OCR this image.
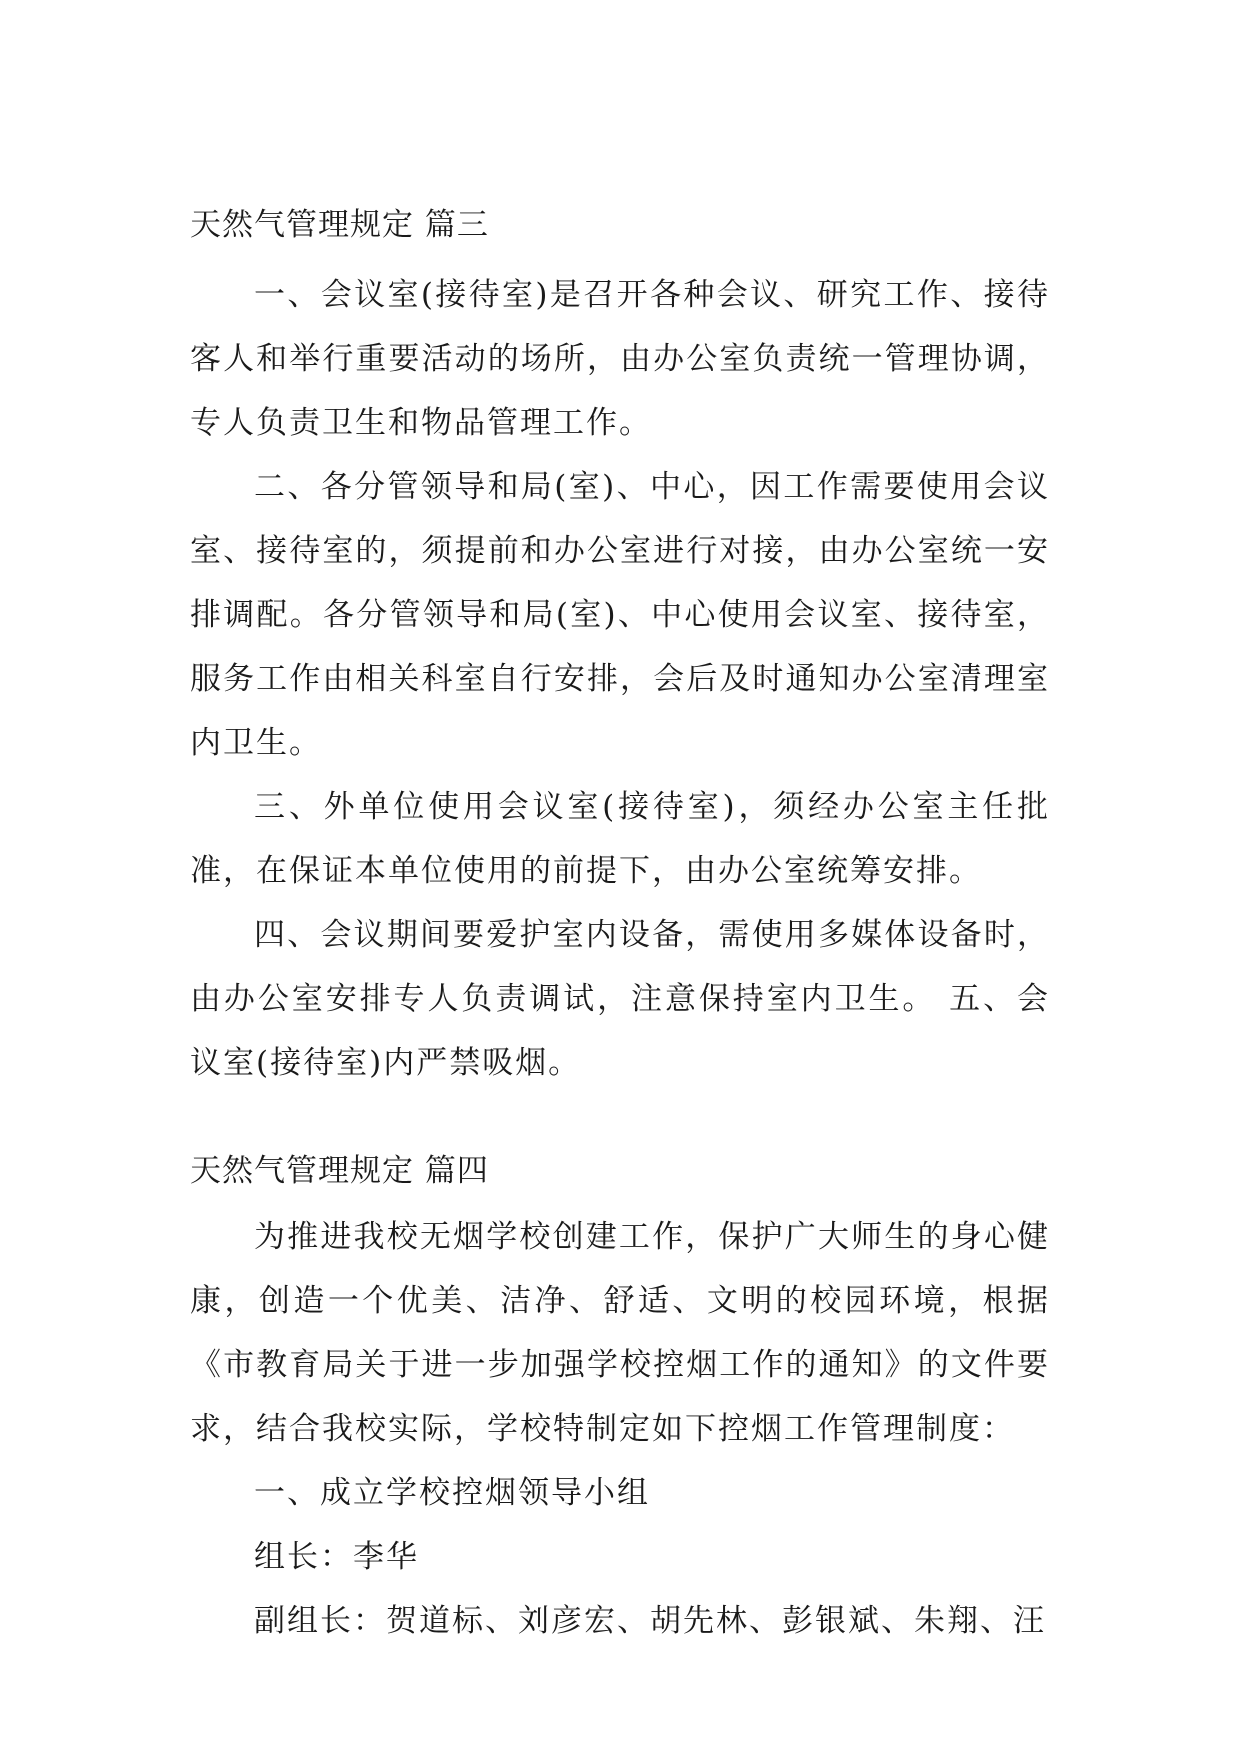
天然气管理规定 篇三

一、会议室(接待室)是召开各种会议、研究工作、接待客人和举行重要活动的场所，由办公室负责统一管理协调，专人负责卫生和物品管理工作。

二、各分管领导和局(室)、中心，因工作需要使用会议室、接待室的，须提前和办公室进行对接，由办公室统一安排调配。各分管领导和局(室)、中心使用会议室、接待室，服务工作由相关科室自行安排，会后及时通知办公室清理室内卫生。

三、外单位使用会议室(接待室)，须经办公室主任批准，在保证本单位使用的前提下，由办公室统筹安排。

四、会议期间要爱护室内设备，需使用多媒体设备时，由办公室安排专人负责调试，注意保持室内卫生。 五、会议室(接待室)内严禁吸烟。

天然气管理规定 篇四

为推进我校无烟学校创建工作，保护广大师生的身心健康，创造一个优美、洁净、舒适、文明的校园环境，根据《市教育局关于进一步加强学校控烟工作的通知》的文件要求，结合我校实际，学校特制定如下控烟工作管理制度：

一、成立学校控烟领导小组

组长：李华

副组长：贺道标、刘彦宏、胡先林、彭银斌、朱翔、汪
